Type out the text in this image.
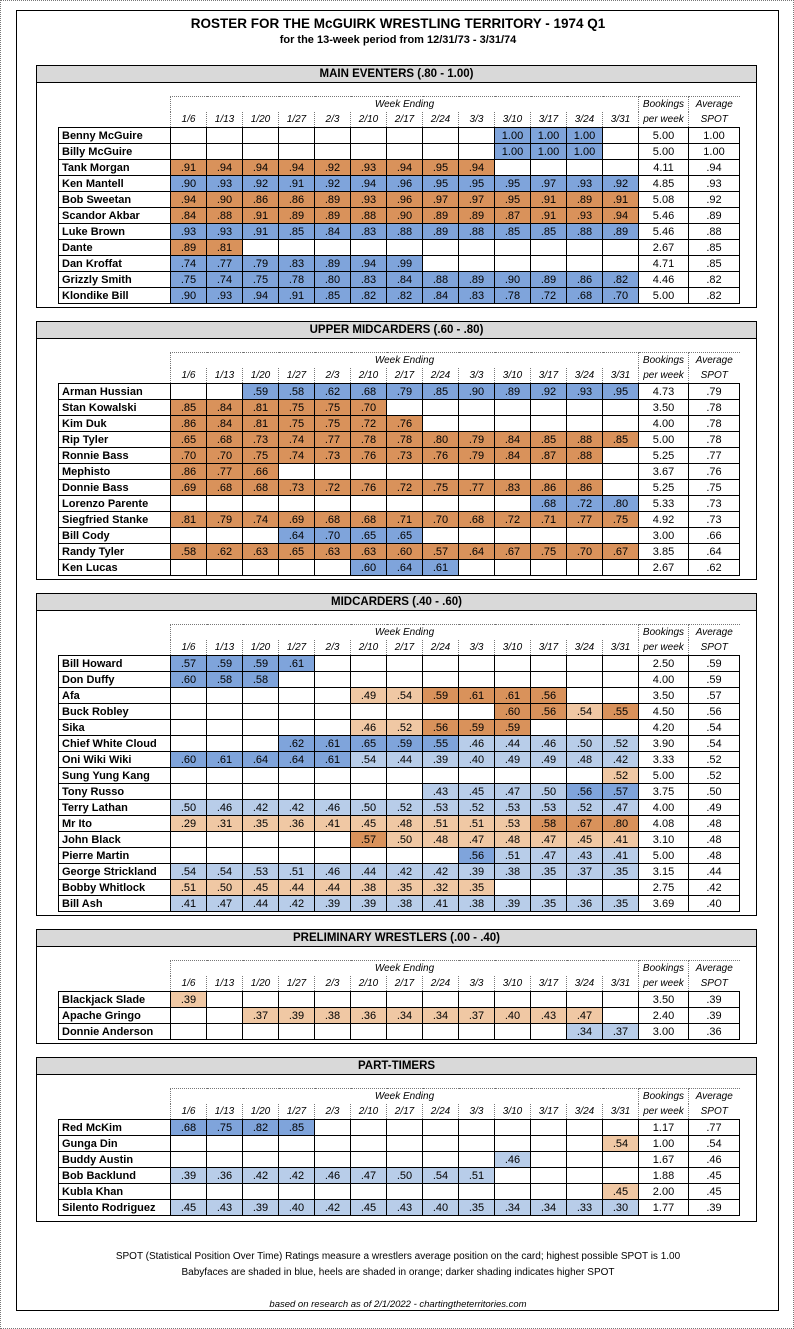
ROSTER FOR THE McGUIRK WRESTLING TERRITORY - 1974 Q1
for the 13-week period from 12/31/73 - 3/31/74
MAIN EVENTERS (.80 - 1.00)
	Week Ending													Bookings	Average
	1/6	1/13	1/20	1/27	2/3	2/10	2/17	2/24	3/3	3/10	3/17	3/24	3/31	per week	SPOT
Benny McGuire										1.00	1.00	1.00		5.00	1.00
Billy McGuire										1.00	1.00	1.00		5.00	1.00
Tank Morgan	.91	.94	.94	.94	.92	.93	.94	.95	.94					4.11	.94
Ken Mantell	.90	.93	.92	.91	.92	.94	.96	.95	.95	.95	.97	.93	.92	4.85	.93
Bob Sweetan	.94	.90	.86	.86	.89	.93	.96	.97	.97	.95	.91	.89	.91	5.08	.92
Scandor Akbar	.84	.88	.91	.89	.89	.88	.90	.89	.89	.87	.91	.93	.94	5.46	.89
Luke Brown	.93	.93	.91	.85	.84	.83	.88	.89	.88	.85	.85	.88	.89	5.46	.88
Dante	.89	.81												2.67	.85
Dan Kroffat	.74	.77	.79	.83	.89	.94	.99							4.71	.85
Grizzly Smith	.75	.74	.75	.78	.80	.83	.84	.88	.89	.90	.89	.86	.82	4.46	.82
Klondike Bill	.90	.93	.94	.91	.85	.82	.82	.84	.83	.78	.72	.68	.70	5.00	.82
UPPER MIDCARDERS (.60 - .80)
	Week Ending													Bookings	Average
	1/6	1/13	1/20	1/27	2/3	2/10	2/17	2/24	3/3	3/10	3/17	3/24	3/31	per week	SPOT
Arman Hussian			.59	.58	.62	.68	.79	.85	.90	.89	.92	.93	.95	4.73	.79
Stan Kowalski	.85	.84	.81	.75	.75	.70								3.50	.78
Kim Duk	.86	.84	.81	.75	.75	.72	.76							4.00	.78
Rip Tyler	.65	.68	.73	.74	.77	.78	.78	.80	.79	.84	.85	.88	.85	5.00	.78
Ronnie Bass	.70	.70	.75	.74	.73	.76	.73	.76	.79	.84	.87	.88		5.25	.77
Mephisto	.86	.77	.66											3.67	.76
Donnie Bass	.69	.68	.68	.73	.72	.76	.72	.75	.77	.83	.86	.86		5.25	.75
Lorenzo Parente											.68	.72	.80	5.33	.73
Siegfried Stanke	.81	.79	.74	.69	.68	.68	.71	.70	.68	.72	.71	.77	.75	4.92	.73
Bill Cody				.64	.70	.65	.65							3.00	.66
Randy Tyler	.58	.62	.63	.65	.63	.63	.60	.57	.64	.67	.75	.70	.67	3.85	.64
Ken Lucas						.60	.64	.61						2.67	.62
MIDCARDERS (.40 - .60)
	Week Ending													Bookings	Average
	1/6	1/13	1/20	1/27	2/3	2/10	2/17	2/24	3/3	3/10	3/17	3/24	3/31	per week	SPOT
Bill Howard	.57	.59	.59	.61										2.50	.59
Don Duffy	.60	.58	.58											4.00	.59
Afa						.49	.54	.59	.61	.61	.56			3.50	.57
Buck Robley										.60	.56	.54	.55	4.50	.56
Sika						.46	.52	.56	.59	.59				4.20	.54
Chief White Cloud				.62	.61	.65	.59	.55	.46	.44	.46	.50	.52	3.90	.54
Oni Wiki Wiki	.60	.61	.64	.64	.61	.54	.44	.39	.40	.49	.49	.48	.42	3.33	.52
Sung Yung Kang													.52	5.00	.52
Tony Russo								.43	.45	.47	.50	.56	.57	3.75	.50
Terry Lathan	.50	.46	.42	.42	.46	.50	.52	.53	.52	.53	.53	.52	.47	4.00	.49
Mr Ito	.29	.31	.35	.36	.41	.45	.48	.51	.51	.53	.58	.67	.80	4.08	.48
John Black						.57	.50	.48	.47	.48	.47	.45	.41	3.10	.48
Pierre Martin									.56	.51	.47	.43	.41	5.00	.48
George Strickland	.54	.54	.53	.51	.46	.44	.42	.42	.39	.38	.35	.37	.35	3.15	.44
Bobby Whitlock	.51	.50	.45	.44	.44	.38	.35	.32	.35					2.75	.42
Bill Ash	.41	.47	.44	.42	.39	.39	.38	.41	.38	.39	.35	.36	.35	3.69	.40
PRELIMINARY WRESTLERS (.00 - .40)
	Week Ending													Bookings	Average
	1/6	1/13	1/20	1/27	2/3	2/10	2/17	2/24	3/3	3/10	3/17	3/24	3/31	per week	SPOT
Blackjack Slade	.39													3.50	.39
Apache Gringo			.37	.39	.38	.36	.34	.34	.37	.40	.43	.47		2.40	.39
Donnie Anderson												.34	.37	3.00	.36
PART-TIMERS
	Week Ending													Bookings	Average
	1/6	1/13	1/20	1/27	2/3	2/10	2/17	2/24	3/3	3/10	3/17	3/24	3/31	per week	SPOT
Red McKim	.68	.75	.82	.85										1.17	.77
Gunga Din													.54	1.00	.54
Buddy Austin										.46				1.67	.46
Bob Backlund	.39	.36	.42	.42	.46	.47	.50	.54	.51					1.88	.45
Kubla Khan													.45	2.00	.45
Silento Rodriguez	.45	.43	.39	.40	.42	.45	.43	.40	.35	.34	.34	.33	.30	1.77	.39
SPOT (Statistical Position Over Time) Ratings measure a wrestlers average position on the card; highest possible SPOT is 1.00
Babyfaces are shaded in blue, heels are shaded in orange; darker shading indicates higher SPOT
based on research as of 2/1/2022 - chartingtheterritories.com
